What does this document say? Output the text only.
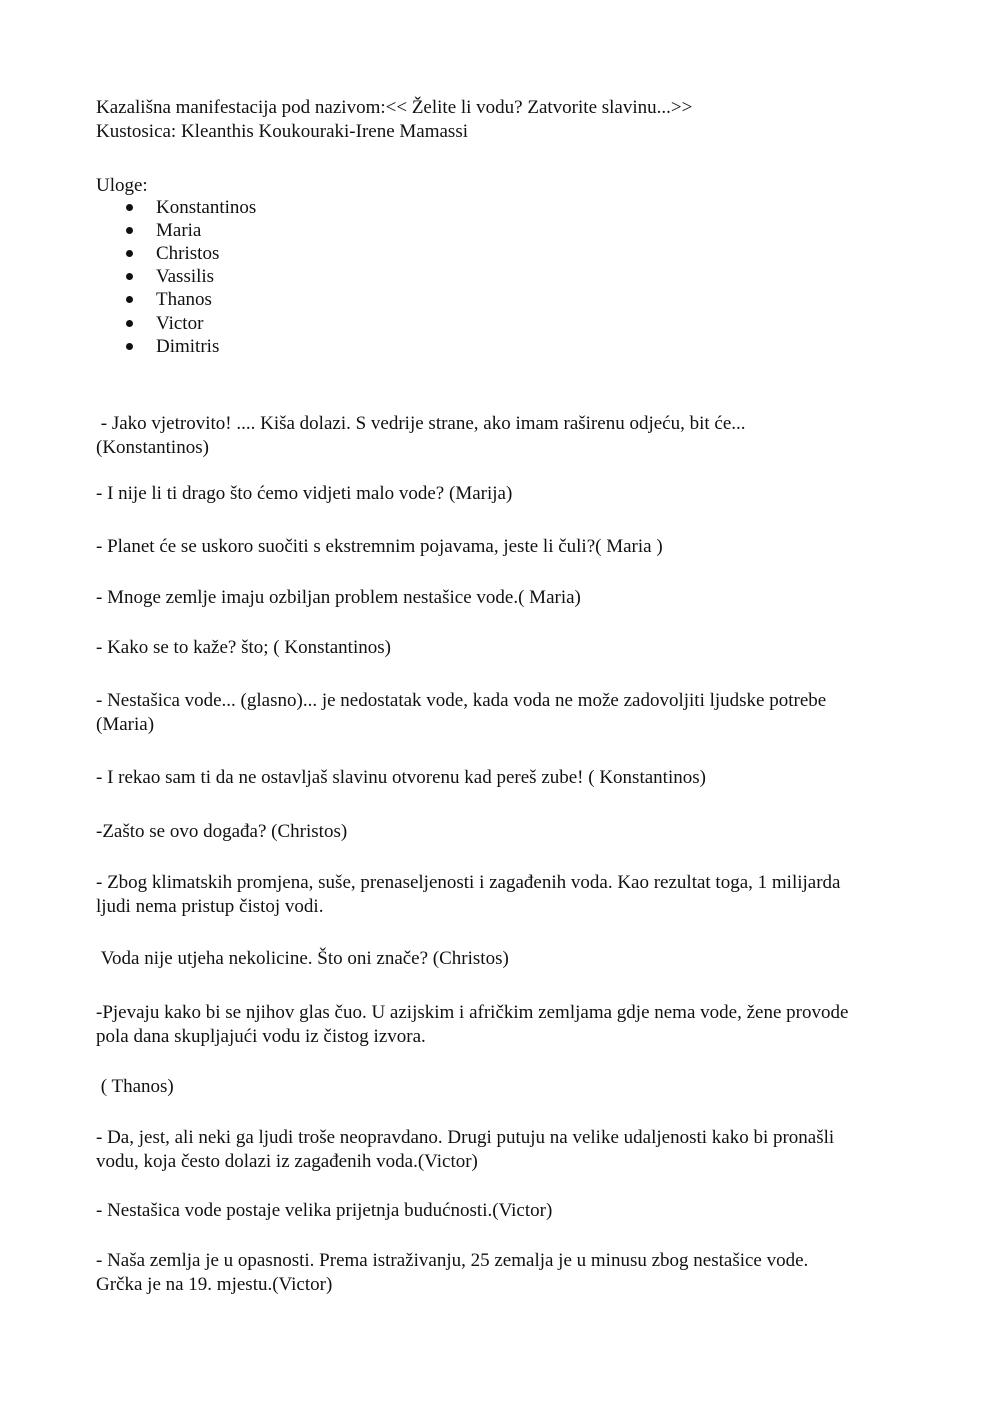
Kazališna manifestacija pod nazivom:<< Želite li vodu? Zatvorite slavinu...>>
Kustosica: Kleanthis Koukouraki-Irene Mamassi
Uloge:
Konstantinos
Maria
Christos
Vassilis
Thanos
Victor
Dimitris
- Jako vjetrovito! .... Kiša dolazi. S vedrije strane, ako imam raširenu odjeću, bit će...
(Konstantinos)
- I nije li ti drago što ćemo vidjeti malo vode? (Marija)
- Planet će se uskoro suočiti s ekstremnim pojavama, jeste li čuli?( Maria )
- Mnoge zemlje imaju ozbiljan problem nestašice vode.( Maria)
- Kako se to kaže? što; ( Konstantinos)
- Nestašica vode... (glasno)... je nedostatak vode, kada voda ne može zadovoljiti ljudske potrebe
(Maria)
- I rekao sam ti da ne ostavljaš slavinu otvorenu kad pereš zube! ( Konstantinos)
-Zašto se ovo događa? (Christos)
- Zbog klimatskih promjena, suše, prenaseljenosti i zagađenih voda. Kao rezultat toga, 1 milijarda
ljudi nema pristup čistoj vodi.
Voda nije utjeha nekolicine. Što oni znače? (Christos)
-Pjevaju kako bi se njihov glas čuo. U azijskim i afričkim zemljama gdje nema vode, žene provode
pola dana skupljajući vodu iz čistog izvora.
( Thanos)
- Da, jest, ali neki ga ljudi troše neopravdano. Drugi putuju na velike udaljenosti kako bi pronašli
vodu, koja često dolazi iz zagađenih voda.(Victor)
- Nestašica vode postaje velika prijetnja budućnosti.(Victor)
- Naša zemlja je u opasnosti. Prema istraživanju, 25 zemalja je u minusu zbog nestašice vode.
Grčka je na 19. mjestu.(Victor)
